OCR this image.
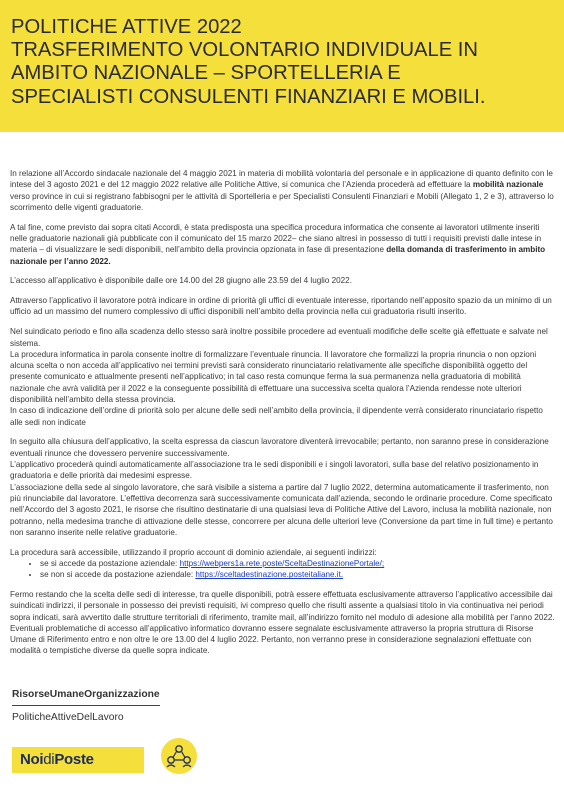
POLITICHE ATTIVE 2022
TRASFERIMENTO VOLONTARIO INDIVIDUALE IN
AMBITO NAZIONALE – SPORTELLERIA E
SPECIALISTI CONSULENTI FINANZIARI E MOBILI.

In relazione all’Accordo sindacale nazionale del 4 maggio 2021 in materia di mobilità volontaria del personale e in applicazione di quanto definito con le intese del 3 agosto 2021 e del 12 maggio 2022 relative alle Politiche Attive, si comunica che l’Azienda procederà ad effettuare la mobilità nazionale verso province in cui si registrano fabbisogni per le attività di Sportelleria e per Specialisti Consulenti Finanziari e Mobili (Allegato 1, 2 e 3), attraverso lo scorrimento delle vigenti graduatorie.

A tal fine, come previsto dai sopra citati Accordi, è stata predisposta una specifica procedura informatica che consente ai lavoratori utilmente inseriti nelle graduatorie nazionali già pubblicate con il comunicato del 15 marzo 2022– che siano altresì in possesso di tutti i requisiti previsti dalle intese in materia – di visualizzare le sedi disponibili, nell’ambito della provincia opzionata in fase di presentazione della domanda di trasferimento in ambito nazionale per l’anno 2022.

L’accesso all’applicativo è disponibile dalle ore 14.00 del 28 giugno alle 23.59 del 4 luglio 2022.

Attraverso l’applicativo il lavoratore potrà indicare in ordine di priorità gli uffici di eventuale interesse, riportando nell’apposito spazio da un minimo di un ufficio ad un massimo del numero complessivo di uffici disponibili nell’ambito della provincia nella cui graduatoria risulti inserito.

Nel suindicato periodo e fino alla scadenza dello stesso sarà inoltre possibile procedere ad eventuali modifiche delle scelte già effettuate e salvate nel sistema.

La procedura informatica in parola consente inoltre di formalizzare l’eventuale rinuncia. Il lavoratore che formalizzi la propria rinuncia o non opzioni alcuna scelta o non acceda all’applicativo nei termini previsti sarà considerato rinunciatario relativamente alle specifiche disponibilità oggetto del presente comunicato e attualmente presenti nell’applicativo; in tal caso resta comunque ferma la sua permanenza nella graduatoria di mobilità nazionale che avrà validità per il 2022 e la conseguente possibilità di effettuare una successiva scelta qualora l’Azienda rendesse note ulteriori disponibilità nell’ambito della stessa provincia.

In caso di indicazione dell’ordine di priorità solo per alcune delle sedi nell’ambito della provincia, il dipendente verrà considerato rinunciatario rispetto alle sedi non indicate

In seguito alla chiusura dell’applicativo, la scelta espressa da ciascun lavoratore diventerà irrevocabile; pertanto, non saranno prese in considerazione eventuali rinunce che dovessero pervenire successivamente.

L’applicativo procederà quindi automaticamente all’associazione tra le sedi disponibili e i singoli lavoratori, sulla base del relativo posizionamento in graduatoria e delle priorità dai medesimi espresse.

L’associazione della sede al singolo lavoratore, che sarà visibile a sistema a partire dal 7 luglio 2022, determina automaticamente il trasferimento, non più rinunciabile dal lavoratore. L’effettiva decorrenza sarà successivamente comunicata dall’azienda, secondo le ordinarie procedure. Come specificato nell’Accordo del 3 agosto 2021, le risorse che risultino destinatarie di una qualsiasi leva di Politiche Attive del Lavoro, inclusa la mobilità nazionale, non potranno, nella medesima tranche di attivazione delle stesse, concorrere per alcuna delle ulteriori leve (Conversione da part time in full time) e pertanto non saranno inserite nelle relative graduatorie.

La procedura sarà accessibile, utilizzando il proprio account di dominio aziendale, ai seguenti indirizzi:

• se si accede da postazione aziendale: https://webpers1a.rete.poste/SceltaDestinazionePortale/;
• se non si accede da postazione aziendale: https://sceltadestinazione.posteitaliane.it.

Fermo restando che la scelta delle sedi di interesse, tra quelle disponibili, potrà essere effettuata esclusivamente attraverso l’applicativo accessibile dai suindicati indirizzi, il personale in possesso dei previsti requisiti, ivi compreso quello che risulti assente a qualsiasi titolo in via continuativa nei periodi sopra indicati, sarà avvertito dalle strutture territoriali di riferimento, tramite mail, all’indirizzo fornito nel modulo di adesione alla mobilità per l’anno 2022.

Eventuali problematiche di accesso all’applicativo informatico dovranno essere segnalate esclusivamente attraverso la propria struttura di Risorse Umane di Riferimento entro e non oltre le ore 13.00 del 4 luglio 2022. Pertanto, non verranno prese in considerazione segnalazioni effettuate con modalità o tempistiche diverse da quelle sopra indicate.

RisorseUmaneOrganizzazione
PoliticheAttiveDelLavoro
NoidiPoste
